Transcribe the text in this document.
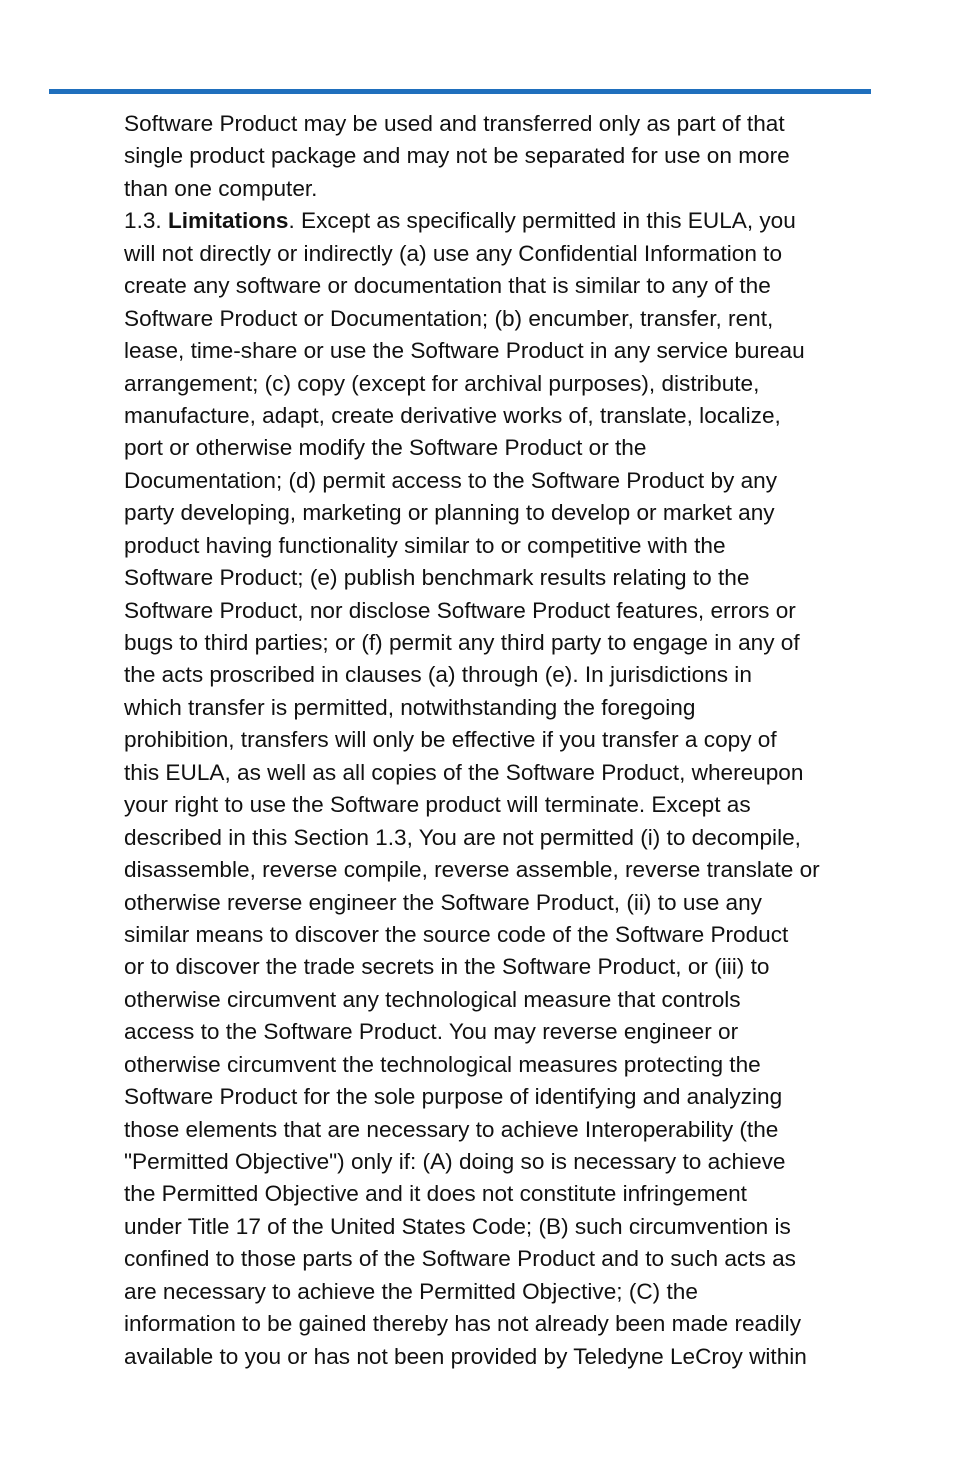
Software Product may be used and transferred only as part of that
single product package and may not be separated for use on more
than one computer.
1.3. Limitations. Except as specifically permitted in this EULA, you
will not directly or indirectly (a) use any Confidential Information to
create any software or documentation that is similar to any of the
Software Product or Documentation; (b) encumber, transfer, rent,
lease, time-share or use the Software Product in any service bureau
arrangement; (c) copy (except for archival purposes), distribute,
manufacture, adapt, create derivative works of, translate, localize,
port or otherwise modify the Software Product or the
Documentation; (d) permit access to the Software Product by any
party developing, marketing or planning to develop or market any
product having functionality similar to or competitive with the
Software Product; (e) publish benchmark results relating to the
Software Product, nor disclose Software Product features, errors or
bugs to third parties; or (f) permit any third party to engage in any of
the acts proscribed in clauses (a) through (e). In jurisdictions in
which transfer is permitted, notwithstanding the foregoing
prohibition, transfers will only be effective if you transfer a copy of
this EULA, as well as all copies of the Software Product, whereupon
your right to use the Software product will terminate. Except as
described in this Section 1.3, You are not permitted (i) to decompile,
disassemble, reverse compile, reverse assemble, reverse translate or
otherwise reverse engineer the Software Product, (ii) to use any
similar means to discover the source code of the Software Product
or to discover the trade secrets in the Software Product, or (iii) to
otherwise circumvent any technological measure that controls
access to the Software Product. You may reverse engineer or
otherwise circumvent the technological measures protecting the
Software Product for the sole purpose of identifying and analyzing
those elements that are necessary to achieve Interoperability (the
"Permitted Objective") only if: (A) doing so is necessary to achieve
the Permitted Objective and it does not constitute infringement
under Title 17 of the United States Code; (B) such circumvention is
confined to those parts of the Software Product and to such acts as
are necessary to achieve the Permitted Objective; (C) the
information to be gained thereby has not already been made readily
available to you or has not been provided by Teledyne LeCroy within
